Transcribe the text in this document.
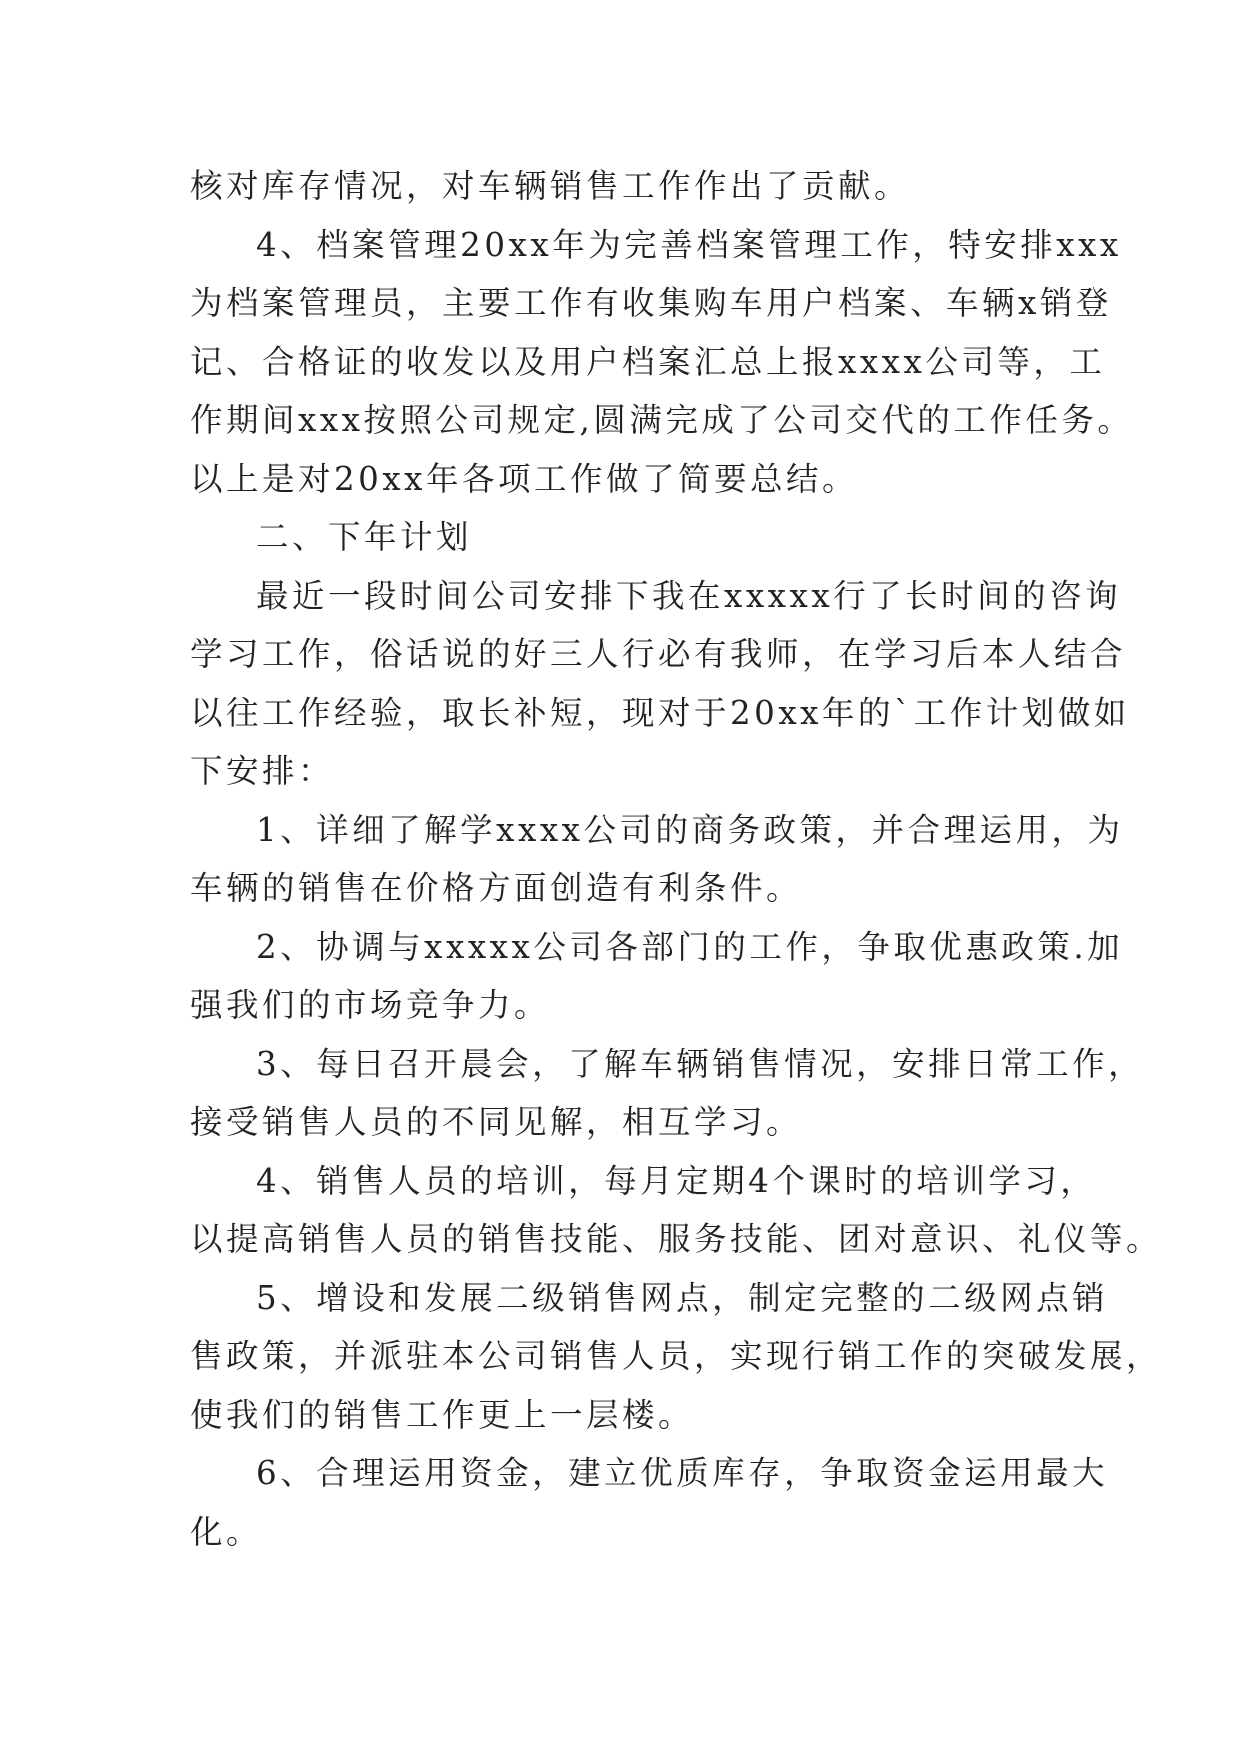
核对库存情况，对车辆销售工作作出了贡献。
4、档案管理20xx年为完善档案管理工作，特安排xxx
为档案管理员，主要工作有收集购车用户档案、车辆x销登
记、合格证的收发以及用户档案汇总上报xxxx公司等，工
作期间xxx按照公司规定,圆满完成了公司交代的工作任务。
以上是对20xx年各项工作做了简要总结。
二、下年计划
最近一段时间公司安排下我在xxxxx行了长时间的咨询
学习工作，俗话说的好三人行必有我师，在学习后本人结合
以往工作经验，取长补短，现对于20xx年的`工作计划做如
下安排：
1、详细了解学xxxx公司的商务政策，并合理运用，为
车辆的销售在价格方面创造有利条件。
2、协调与xxxxx公司各部门的工作，争取优惠政策.加
强我们的市场竞争力。
3、每日召开晨会，了解车辆销售情况，安排日常工作，
接受销售人员的不同见解，相互学习。
4、销售人员的培训，每月定期4个课时的培训学习，
以提高销售人员的销售技能、服务技能、团对意识、礼仪等。
5、增设和发展二级销售网点，制定完整的二级网点销
售政策，并派驻本公司销售人员，实现行销工作的突破发展，
使我们的销售工作更上一层楼。
6、合理运用资金，建立优质库存，争取资金运用最大
化。
